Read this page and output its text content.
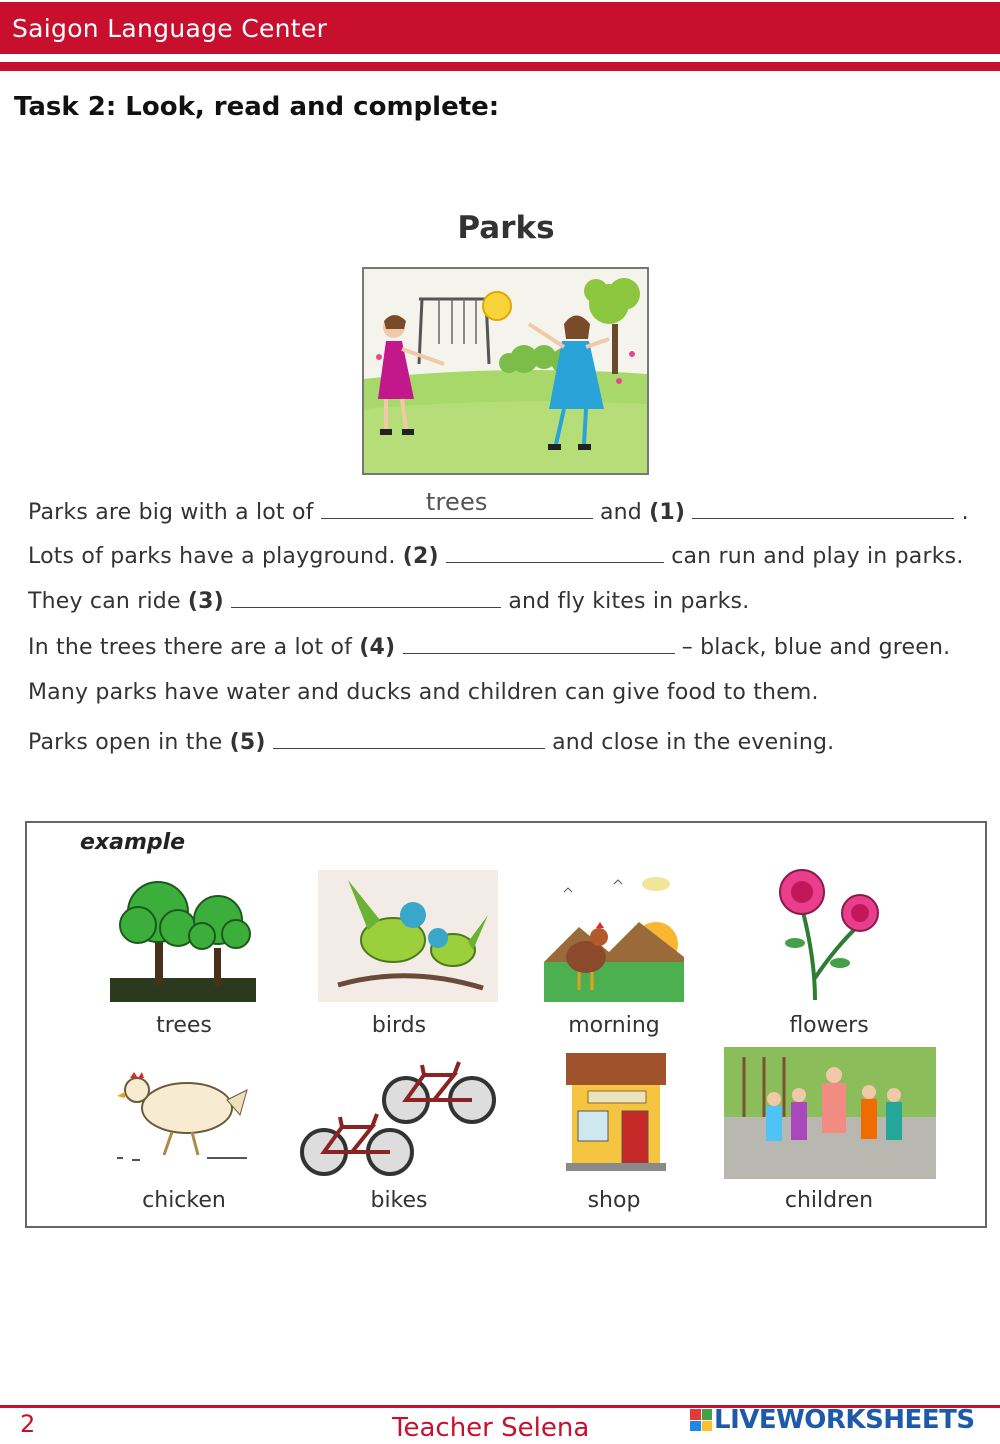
Saigon Language Center
Task 2: Look, read and complete:
Parks
Parks are big with a lot of	trees	and (1)	.
Lots of parks have a playground. (2)	can run and play in parks.
They can ride (3)	and fly kites in parks.
In the trees there are a lot of (4)	– black, blue and green.
Many parks have water and ducks and children can give food to them.
Parks open in the (5)	and close in the evening.
example
trees	birds	morning	flowers
chicken	bikes	shop	children
2	Teacher Selena	LIVEWORKSHEETS
